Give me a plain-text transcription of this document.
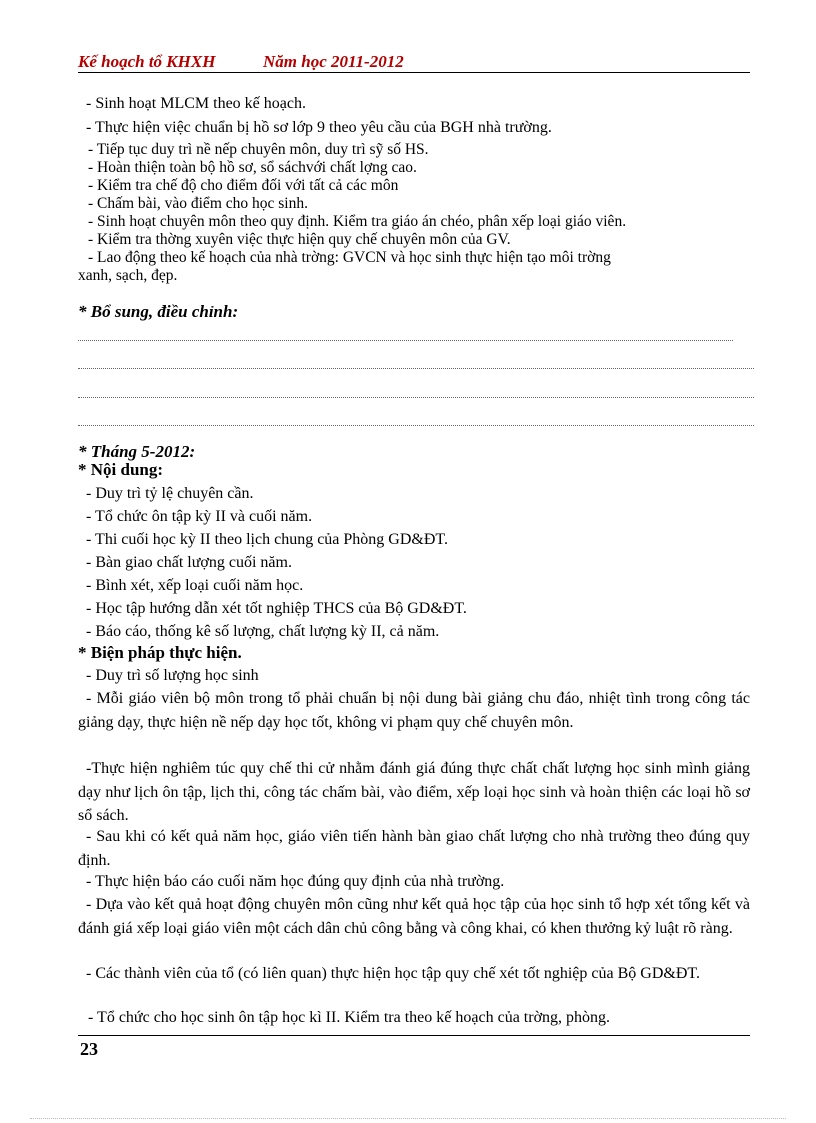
Kế hoạch tổ KHXH	Năm học 2011-2012
- Sinh hoạt MLCM theo kế hoạch.
- Thực hiện việc chuẩn bị hồ sơ lớp 9 theo yêu cầu của BGH nhà trường.
- Tiếp tục duy trì nề nếp chuyên môn, duy trì sỹ số HS.
- Hoàn thiện toàn bộ hồ sơ, sổ sáchvới chất lợng cao.
- Kiểm tra chế độ cho điểm đối với tất cả các môn
- Chấm bài, vào điểm cho học sinh.
- Sinh hoạt chuyên môn theo quy định. Kiểm tra giáo án chéo, phân xếp loại giáo viên.
- Kiểm tra thờng xuyên việc thực hiện quy chế chuyên môn của GV.
- Lao động theo kế hoạch của nhà trờng: GVCN và học sinh thực hiện tạo môi trờng
xanh, sạch, đẹp.
* Bổ sung, điều chỉnh:
* Tháng 5-2012:
* Nội dung:
- Duy trì tỷ lệ chuyên cần.
- Tổ chức ôn tập kỳ II và cuối năm.
- Thi cuối học kỳ II theo lịch chung của Phòng GD&ĐT.
- Bàn giao chất lượng cuối năm.
- Bình xét, xếp loại cuối năm học.
- Học tập hướng dẫn xét tốt nghiệp THCS của Bộ GD&ĐT.
- Báo cáo, thống kê số lượng, chất lượng kỳ II, cả năm.
* Biện pháp thực hiện.
- Duy trì số lượng học sinh
- Mỗi giáo viên bộ môn trong tổ phải chuẩn bị nội dung bài giảng chu đáo, nhiệt tình trong công tác giảng dạy, thực hiện nề nếp dạy học tốt, không vi phạm quy chế chuyên môn.
-Thực hiện nghiêm túc quy chế thi cử nhằm đánh giá đúng thực chất chất lượng học sinh mình giảng dạy như lịch ôn tập, lịch thi, công tác chấm bài, vào điểm, xếp loại học sinh và hoàn thiện các loại hồ sơ sổ sách.
- Sau khi có kết quả năm học, giáo viên tiến hành bàn giao chất lượng cho nhà trường theo đúng quy định.
- Thực hiện báo cáo cuối năm học đúng quy định của nhà trường.
- Dựa vào kết quả hoạt động chuyên môn cũng như kết quả học tập của học sinh tổ hợp xét tổng kết và đánh giá xếp loại giáo viên một cách dân chủ công bằng và công khai, có khen thưởng kỷ luật rõ ràng.
- Các thành viên của tổ (có liên quan) thực hiện học tập quy chế xét tốt nghiệp của Bộ GD&ĐT.
- Tổ chức cho học sinh ôn tập học kì II. Kiểm tra theo kế hoạch của trờng, phòng.
23
